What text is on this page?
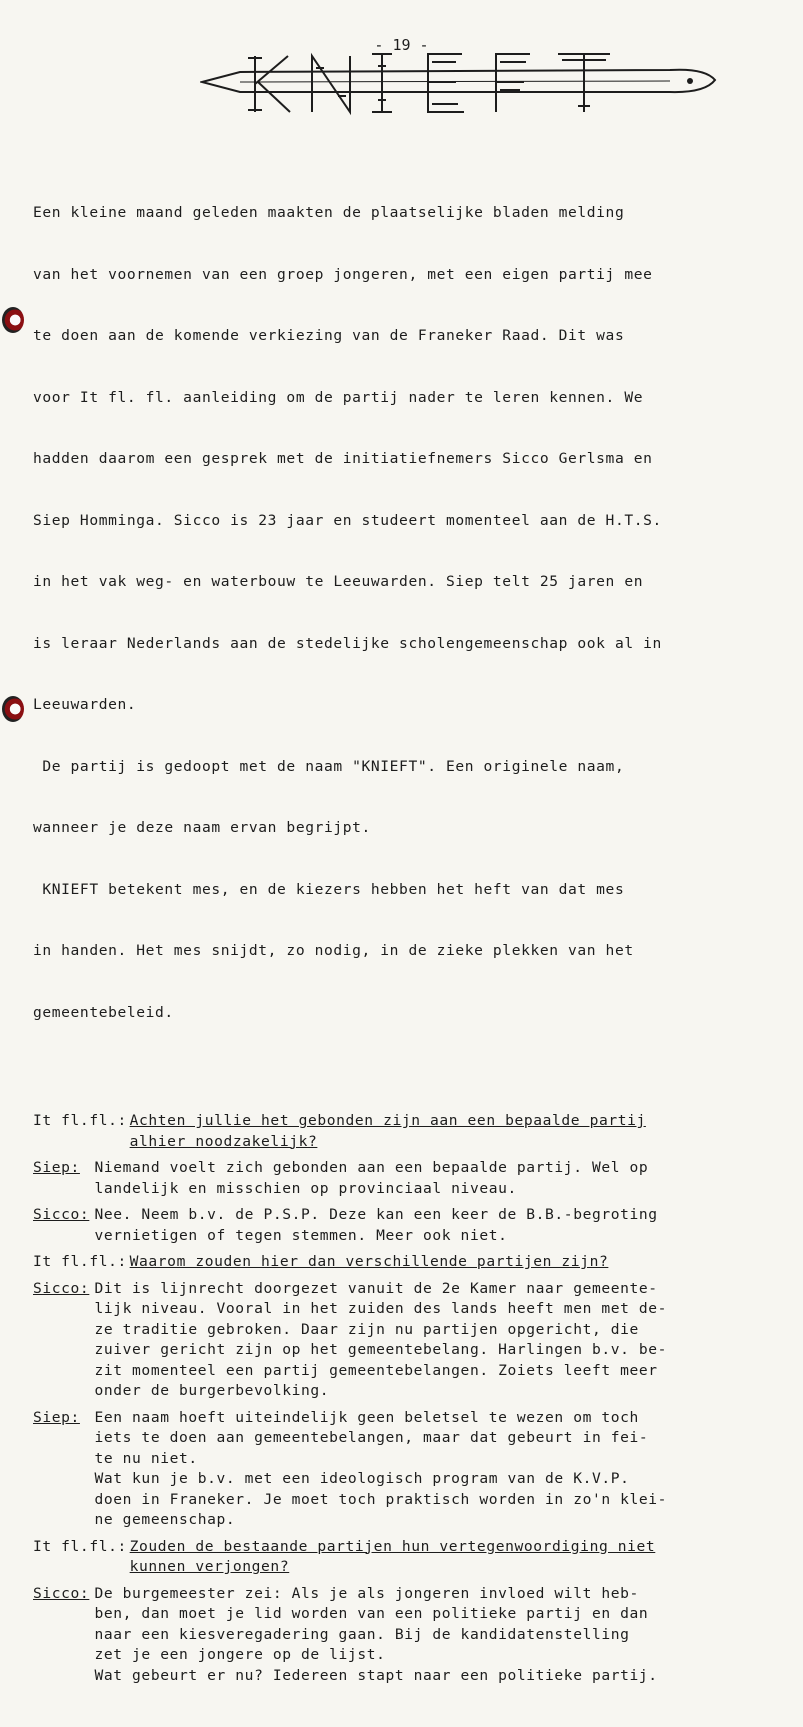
- 19 -

Een kleine maand geleden maakten de plaatselijke bladen melding

van het voornemen van een groep jongeren, met een eigen partij mee

te doen aan de komende verkiezing van de Franeker Raad. Dit was

voor It fl. fl. aanleiding om de partij nader te leren kennen. We

hadden daarom een gesprek met de initiatiefnemers Sicco Gerlsma en

Siep Homminga. Sicco is 23 jaar en studeert momenteel aan de H.T.S.

in het vak weg- en waterbouw te Leeuwarden. Siep telt 25 jaren en

is leraar Nederlands aan de stedelijke scholengemeenschap ook al in

Leeuwarden.

De partij is gedoopt met de naam "KNIEFT". Een originele naam,

wanneer je deze naam ervan begrijpt.

KNIEFT betekent mes, en de kiezers hebben het heft van dat mes

in handen. Het mes snijdt, zo nodig, in de zieke plekken van het

gemeentebeleid.

It fl.fl.: Achten jullie het gebonden zijn aan een bepaalde partij
alhier noodzakelijk?
Siep: Niemand voelt zich gebonden aan een bepaalde partij. Wel op
landelijk en misschien op provinciaal niveau.
Sicco: Nee. Neem b.v. de P.S.P. Deze kan een keer de B.B.-begroting
vernietigen of tegen stemmen. Meer ook niet.
It fl.fl.: Waarom zouden hier dan verschillende partijen zijn?
Sicco: Dit is lijnrecht doorgezet vanuit de 2e Kamer naar gemeente-
lijk niveau. Vooral in het zuiden des lands heeft men met de-
ze traditie gebroken. Daar zijn nu partijen opgericht, die
zuiver gericht zijn op het gemeentebelang. Harlingen b.v. be-
zit momenteel een partij gemeentebelangen. Zoiets leeft meer
onder de burgerbevolking.
Siep: Een naam hoeft uiteindelijk geen beletsel te wezen om toch
iets te doen aan gemeentebelangen, maar dat gebeurt in fei-
te nu niet.
Wat kun je b.v. met een ideologisch program van de K.V.P.
doen in Franeker. Je moet toch praktisch worden in zo'n klei-
ne gemeenschap.
It fl.fl.: Zouden de bestaande partijen hun vertegenwoordiging niet
kunnen verjongen?
Sicco: De burgemeester zei: Als je als jongeren invloed wilt heb-
ben, dan moet je lid worden van een politieke partij en dan
naar een kiesveregadering gaan. Bij de kandidatenstelling
zet je een jongere op de lijst.
Wat gebeurt er nu? Iedereen stapt naar een politieke partij.
